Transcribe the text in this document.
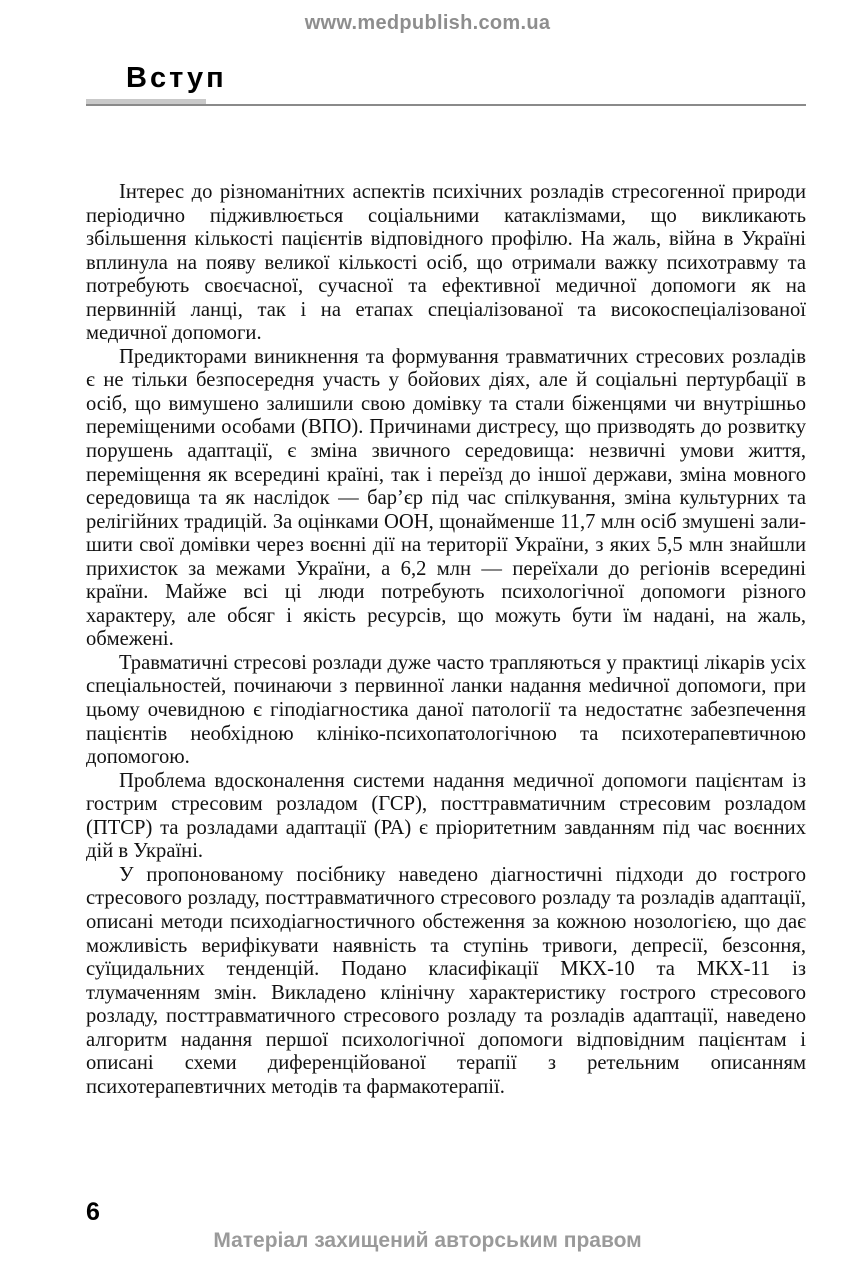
www.medpublish.com.ua
Вступ

Інтерес до різноманітних аспектів психічних розладів стресогенної природи періодично підживлюється соціальними катаклізмами, що викликають збільшення кількості пацієнтів відповідного профілю. На жаль, війна в Україні вплинула на появу великої кількості осіб, що отримали важку психотравму та потребують своєчасної, сучасної та ефективної медичної допомоги як на первинній ланці, так і на етапах спеціалізованої та високоспеціалізованої медичної допомоги.

Предикторами виникнення та формування травматичних стресових розладів є не тільки безпосередня участь у бойових діях, але й соціальні пертурбації в осіб, що вимушено залишили свою домівку та стали біженцями чи внутрішньо переміщеними особами (ВПО). Причинами дистресу, що призводять до розвитку порушень адаптації, є зміна звичного середовища: незвичні умови життя, переміщення як всередині країні, так і переїзд до іншої держави, зміна мовного середовища та як наслідок — бар’єр під час спілкування, зміна культурних та релігійних традицій. За оцінками ООН, щонайменше 11,7 млн осіб змушені залишити свої домівки через воєнні дії на території України, з яких 5,5 млн знайшли прихисток за межами України, а 6,2 млн — переїхали до регіонів всередині країни. Майже всі ці люди потребують психологічної допомоги різного характеру, але обсяг і якість ресурсів, що можуть бути їм надані, на жаль, обмежені.

Травматичні стресові розлади дуже часто трапляються у практиці лікарів усіх спеціальностей, починаючи з первинної ланки надання меdичної допомоги, при цьому очевидною є гіподіагностика даної патології та недостатнє забезпечення пацієнтів необхідною клініко-психопатологічною та психотерапевтичною допомогою.

Проблема вдосконалення системи надання медичної допомоги пацієнтам із гострим стресовим розладом (ГСР), посттравматичним стресовим розладом (ПТСР) та розладами адаптації (РА) є пріоритетним завданням під час воєнних дій в Україні.

У пропонованому посібнику наведено діагностичні підходи до гострого стресового розладу, посттравматичного стресового розладу та розладів адаптації, описані методи психодіагностичного обстеження за кожною нозологією, що дає можливість верифікувати наявність та ступінь тривоги, депресії, безсоння, суїцидальних тенденцій. Подано класифікації МКХ-10 та МКХ-11 із тлумаченням змін. Викладено клінічну характеристику гострого стресового розладу, посттравматичного стресового розладу та розладів адаптації, наведено алгоритм надання першої психологічної допомоги відповідним пацієнтам і описані схеми диференційованої терапії з ретельним описанням психотерапевтичних методів та фармакотерапії.

6
Матеріал захищений авторським правом
